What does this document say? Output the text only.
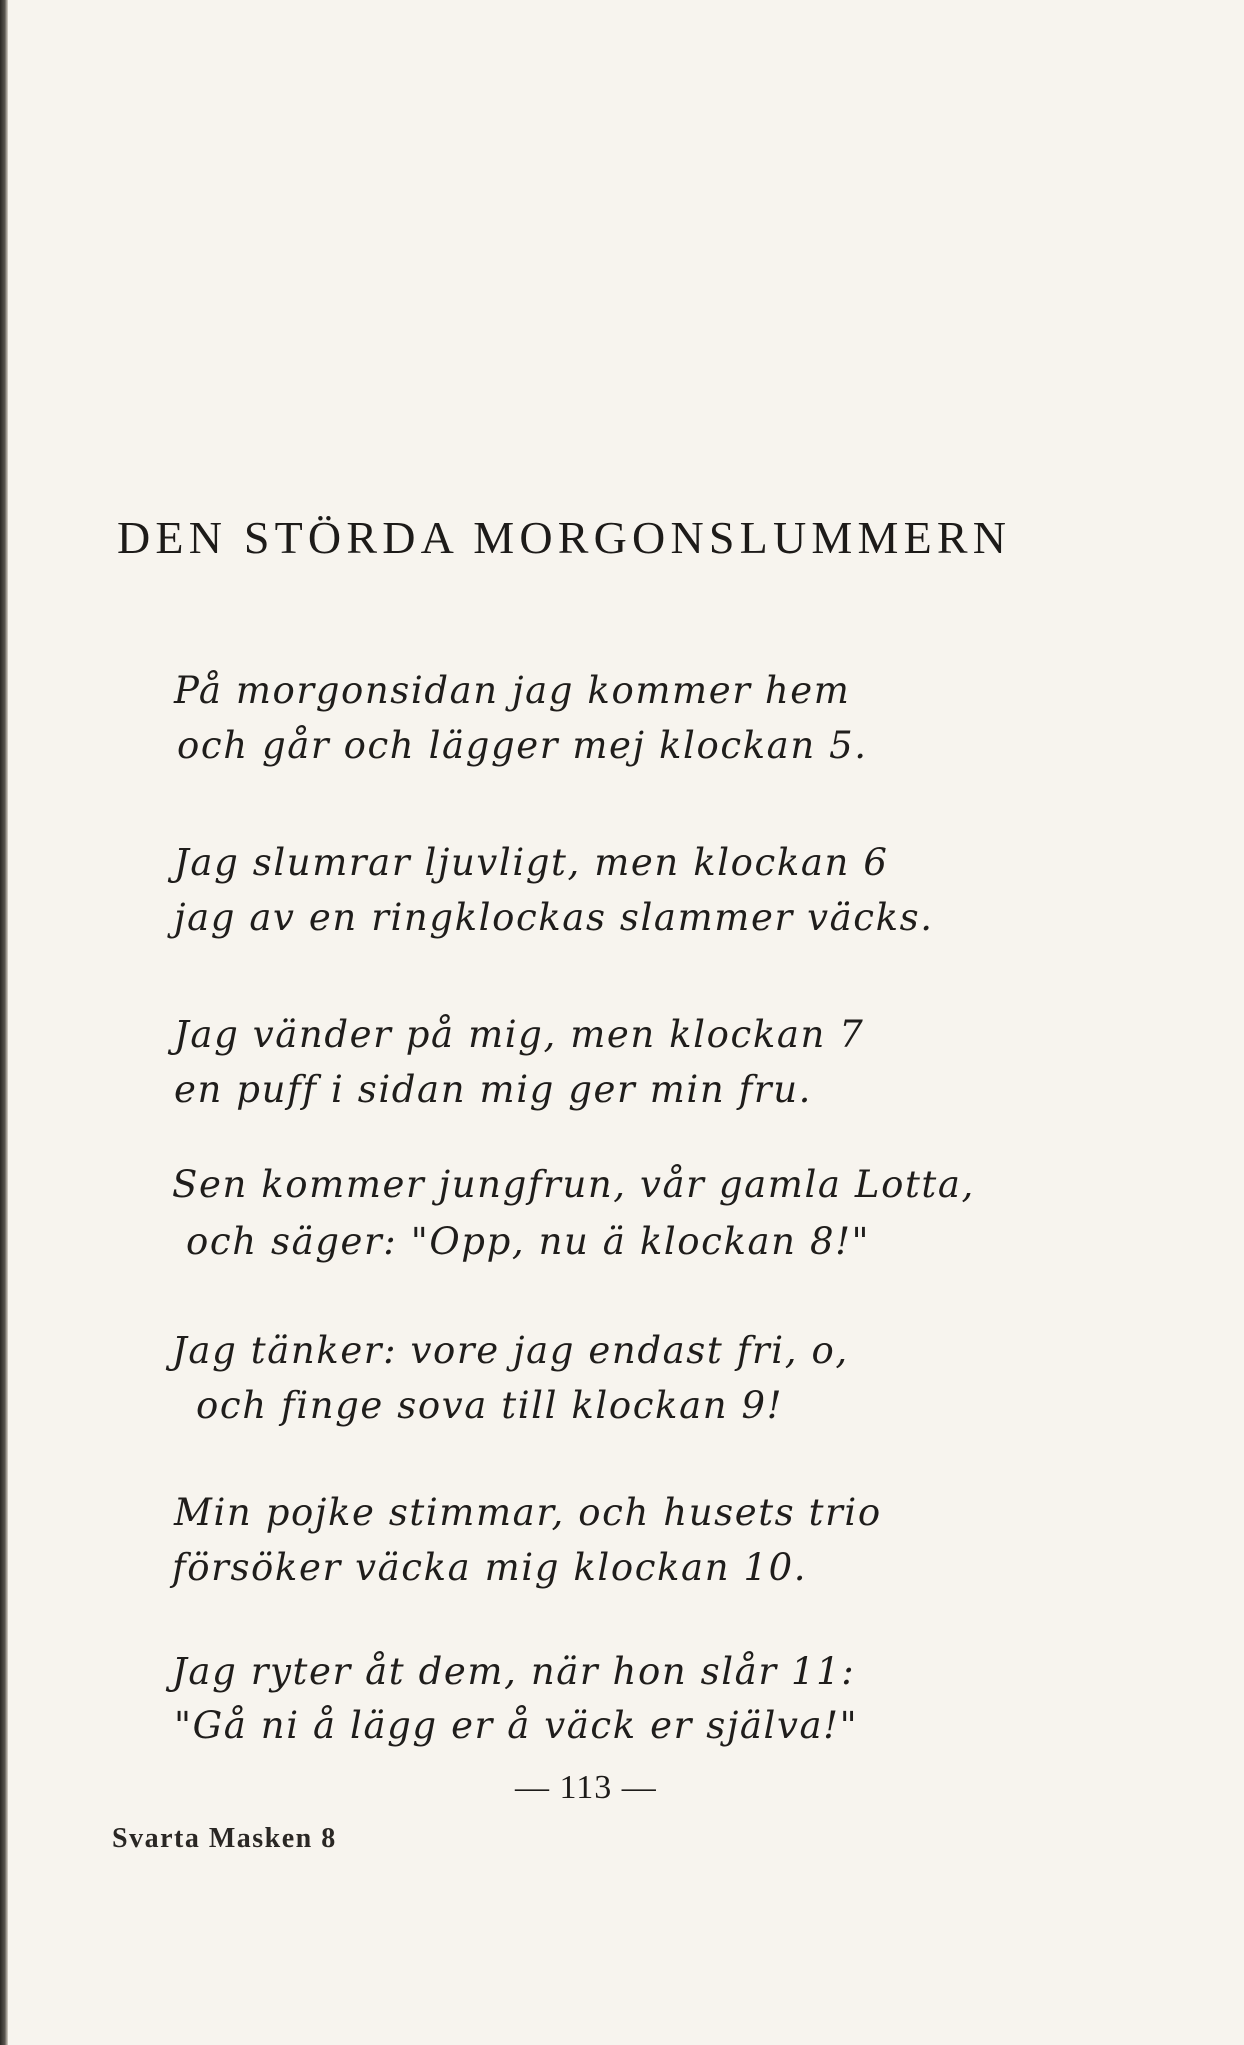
DEN STÖRDA MORGONSLUMMERN
På morgonsidan jag kommer hem
och går och lägger mej klockan 5.
Jag slumrar ljuvligt, men klockan 6
jag av en ringklockas slammer väcks.
Jag vänder på mig, men klockan 7
en puff i sidan mig ger min fru.
Sen kommer jungfrun, vår gamla Lotta,
och säger: "Opp, nu ä klockan 8!"
Jag tänker: vore jag endast fri, o,
och finge sova till klockan 9!
Min pojke stimmar, och husets trio
försöker väcka mig klockan 10.
Jag ryter åt dem, när hon slår 11:
"Gå ni å lägg er å väck er själva!"
— 113 —
Svarta Masken 8
